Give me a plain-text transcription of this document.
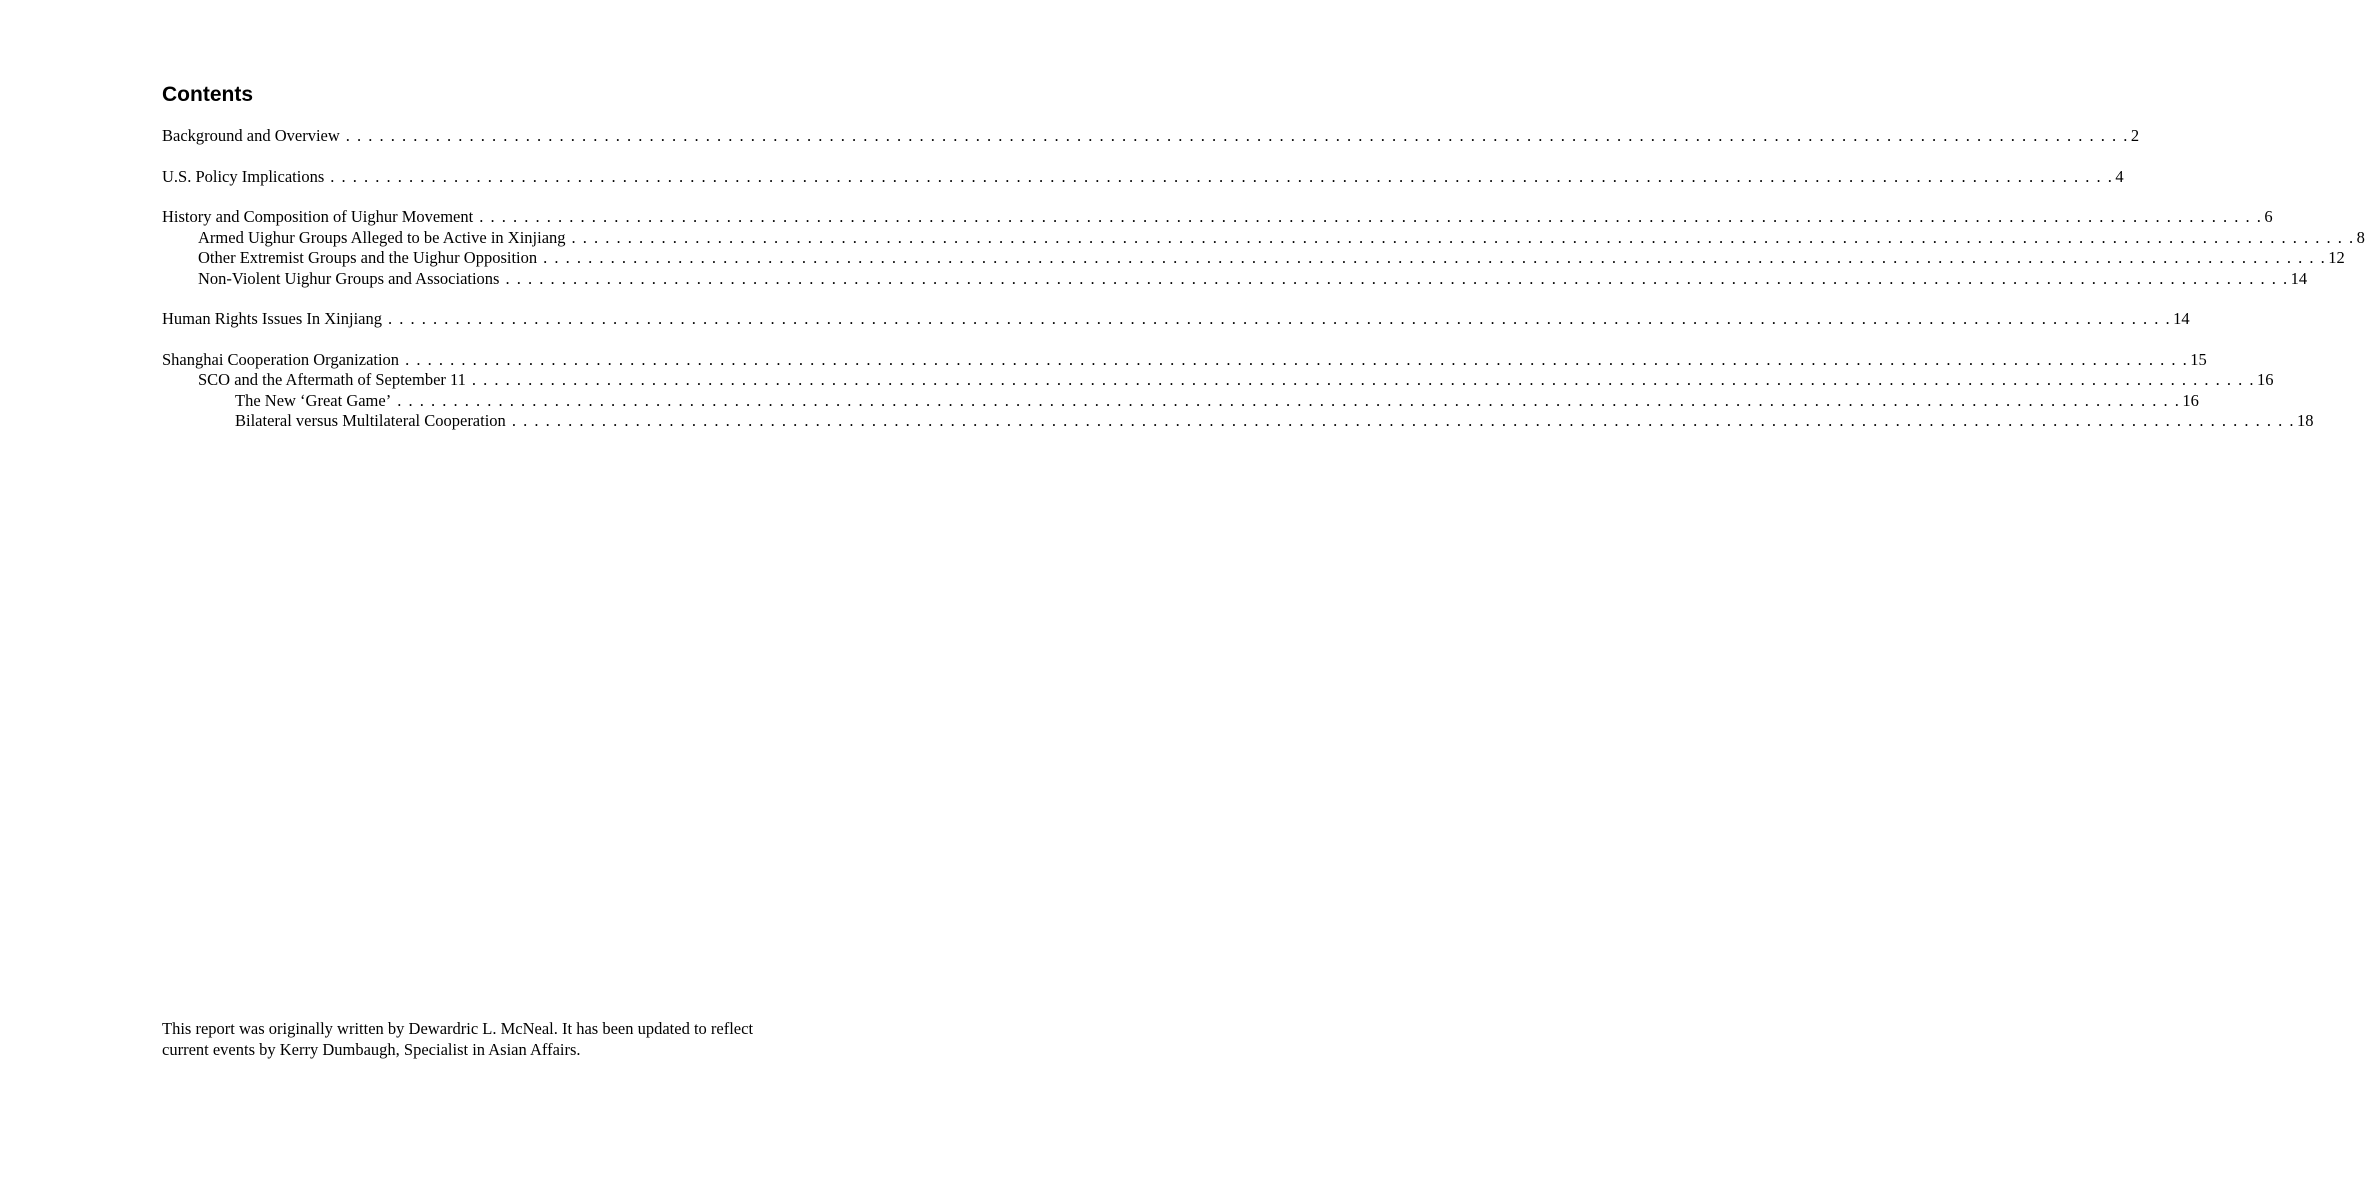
Contents
Background and Overview . . . . . . . . . . . . . . . . . . . . . . . . . . . . . . . . . . . . . . . . . . . . . . . . . . . . . . . . . . . . . . . . . . . . . . . . . . . . . . . . . . . . . . . . . . . . . . . . . . . . . . . . . . . . . . . . . . . . . . . . . . . . . . . . . . . . . . . . . . . . . . . . . . . . . . . . . . . . . . . 2
U.S. Policy Implications . . . . . . . . . . . . . . . . . . . . . . . . . . . . . . . . . . . . . . . . . . . . . . . . . . . . . . . . . . . . . . . . . . . . . . . . . . . . . . . . . . . . . . . . . . . . . . . . . . . . . . . . . . . . . . . . . . . . . . . . . . . . . . . . . . . . . . . . . . . . . . . . . . . . . . . . . . . . . . . 4
History and Composition of Uighur Movement . . . . . . . . . . . . . . . . . . . . . . . . . . . . . . . . . . . . . . . . . . . . . . . . . . . . . . . . . . . . . . . . . . . . . . . . . . . . . . . . . . . . . . . . . . . . . . . . . . . . . . . . . . . . . . . . . . . . . . . . . . . . . . . . . . . . . . . . . . . . . . . . . . . . . . . . . . . . . . . 6
Armed Uighur Groups Alleged to be Active in Xinjiang . . . . . . . . . . . . . . . . . . . . . . . . . . . . . . . . . . . . . . . . . . . . . . . . . . . . . . . . . . . . . . . . . . . . . . . . . . . . . . . . . . . . . . . . . . . . . . . . . . . . . . . . . . . . . . . . . . . . . . . . . . . . . . . . . . . . . . . . . . . . . . . . . . . . . . . . . . . . . . . 8
Other Extremist Groups and the Uighur Opposition . . . . . . . . . . . . . . . . . . . . . . . . . . . . . . . . . . . . . . . . . . . . . . . . . . . . . . . . . . . . . . . . . . . . . . . . . . . . . . . . . . . . . . . . . . . . . . . . . . . . . . . . . . . . . . . . . . . . . . . . . . . . . . . . . . . . . . . . . . . . . . . . . . . . . . . . . . . . . . . 12
Non-Violent Uighur Groups and Associations . . . . . . . . . . . . . . . . . . . . . . . . . . . . . . . . . . . . . . . . . . . . . . . . . . . . . . . . . . . . . . . . . . . . . . . . . . . . . . . . . . . . . . . . . . . . . . . . . . . . . . . . . . . . . . . . . . . . . . . . . . . . . . . . . . . . . . . . . . . . . . . . . . . . . . . . . . . . . . . 14
Human Rights Issues In Xinjiang . . . . . . . . . . . . . . . . . . . . . . . . . . . . . . . . . . . . . . . . . . . . . . . . . . . . . . . . . . . . . . . . . . . . . . . . . . . . . . . . . . . . . . . . . . . . . . . . . . . . . . . . . . . . . . . . . . . . . . . . . . . . . . . . . . . . . . . . . . . . . . . . . . . . . . . . . . . . . . . 14
Shanghai Cooperation Organization . . . . . . . . . . . . . . . . . . . . . . . . . . . . . . . . . . . . . . . . . . . . . . . . . . . . . . . . . . . . . . . . . . . . . . . . . . . . . . . . . . . . . . . . . . . . . . . . . . . . . . . . . . . . . . . . . . . . . . . . . . . . . . . . . . . . . . . . . . . . . . . . . . . . . . . . . . . . . . . 15
SCO and the Aftermath of September 11 . . . . . . . . . . . . . . . . . . . . . . . . . . . . . . . . . . . . . . . . . . . . . . . . . . . . . . . . . . . . . . . . . . . . . . . . . . . . . . . . . . . . . . . . . . . . . . . . . . . . . . . . . . . . . . . . . . . . . . . . . . . . . . . . . . . . . . . . . . . . . . . . . . . . . . . . . . . . . . . 16
The New ‘Great Game’ . . . . . . . . . . . . . . . . . . . . . . . . . . . . . . . . . . . . . . . . . . . . . . . . . . . . . . . . . . . . . . . . . . . . . . . . . . . . . . . . . . . . . . . . . . . . . . . . . . . . . . . . . . . . . . . . . . . . . . . . . . . . . . . . . . . . . . . . . . . . . . . . . . . . . . . . . . . . . . . 16
Bilateral versus Multilateral Cooperation . . . . . . . . . . . . . . . . . . . . . . . . . . . . . . . . . . . . . . . . . . . . . . . . . . . . . . . . . . . . . . . . . . . . . . . . . . . . . . . . . . . . . . . . . . . . . . . . . . . . . . . . . . . . . . . . . . . . . . . . . . . . . . . . . . . . . . . . . . . . . . . . . . . . . . . . . . . . . . . 18

This report was originally written by Dewardric L. McNeal. It has been updated to reflect current events by Kerry Dumbaugh, Specialist in Asian Affairs.
